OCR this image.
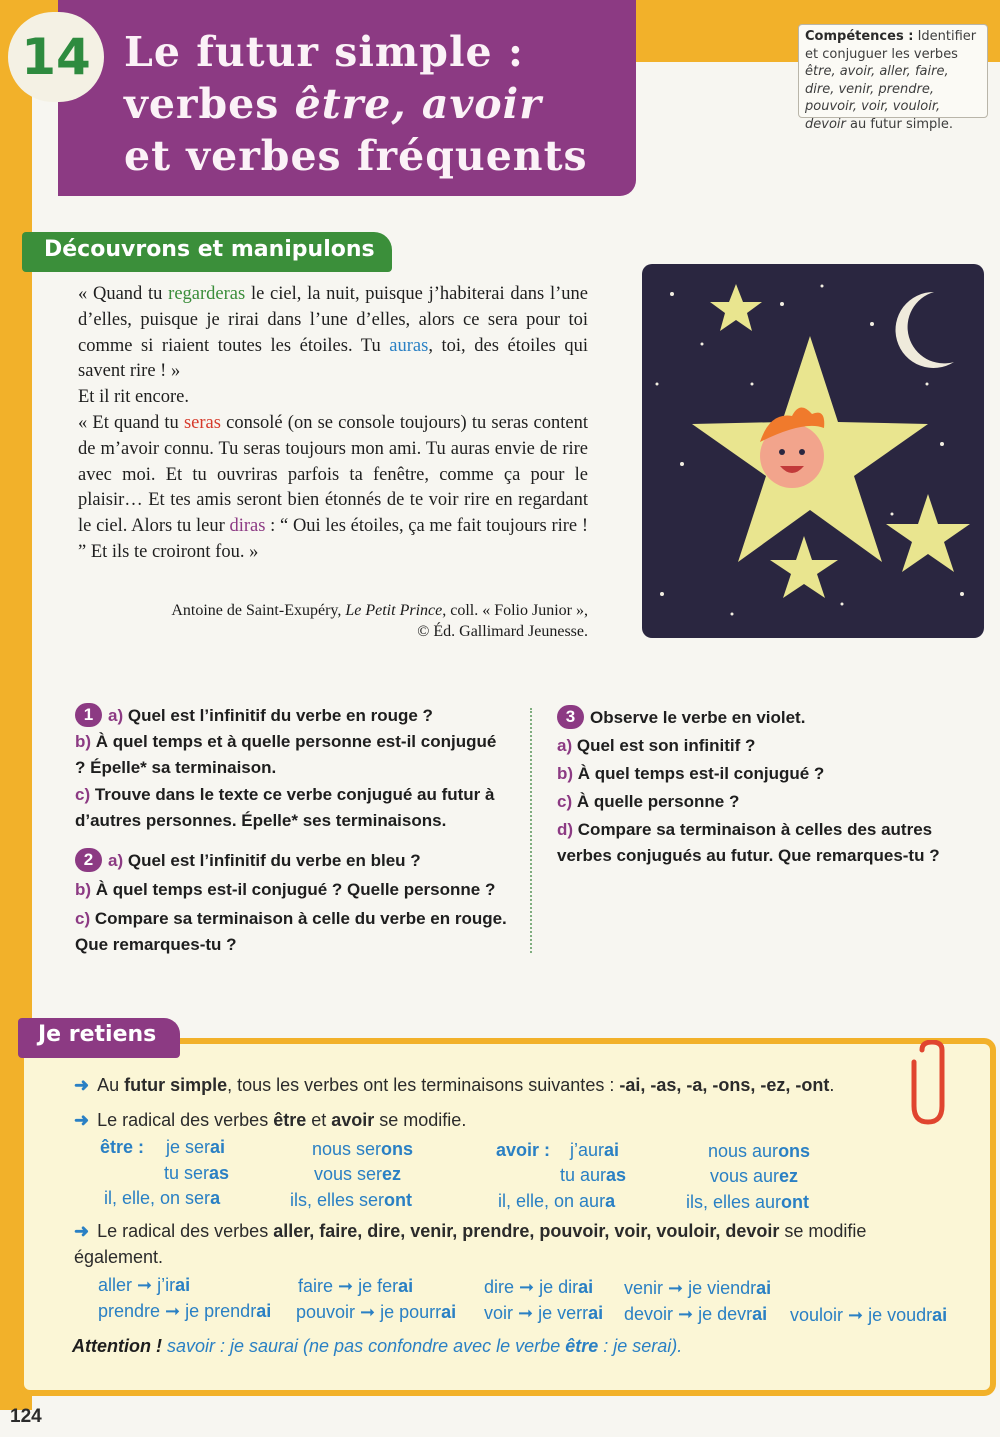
14 Le futur simple :
verbes être, avoir
et verbes fréquents
Compétences : Identifier et conjuguer les verbes être, avoir, aller, faire, dire, venir, prendre, pouvoir, voir, vouloir, devoir au futur simple.
Découvrons et manipulons

« Quand tu regarderas le ciel, la nuit, puisque j’habiterai dans l’une d’elles, puisque je rirai dans l’une d’elles, alors ce sera pour toi comme si riaient toutes les étoiles. Tu auras, toi, des étoiles qui savent rire ! »

Et il rit encore.

« Et quand tu seras consolé (on se console toujours) tu seras content de m’avoir connu. Tu seras toujours mon ami. Tu auras envie de rire avec moi. Et tu ouvriras parfois ta fenêtre, comme ça pour le plaisir… Et tes amis seront bien étonnés de te voir rire en regardant le ciel. Alors tu leur diras : “ Oui les étoiles, ça me fait toujours rire ! ” Et ils te croiront fou. »

Antoine de Saint-Exupéry, Le Petit Prince, coll. « Folio Junior »,
© Éd. Gallimard Jeunesse.
1 a) Quel est l’infinitif du verbe en rouge ?
b) À quel temps et à quelle personne est-il conjugué ? Épelle* sa terminaison.
c) Trouve dans le texte ce verbe conjugué au futur à d’autres personnes. Épelle* ses terminaisons.
2 a) Quel est l’infinitif du verbe en bleu ?
b) À quel temps est-il conjugué ? Quelle personne ?
c) Compare sa terminaison à celle du verbe en rouge. Que remarques-tu ?
3 Observe le verbe en violet.
a) Quel est son infinitif ?
b) À quel temps est-il conjugué ?
c) À quelle personne ?
d) Compare sa terminaison à celles des autres verbes conjugués au futur. Que remarques-tu ?
Je retiens
➜ Au futur simple, tous les verbes ont les terminaisons suivantes : -ai, -as, -a, -ons, -ez, -ont.
➜ Le radical des verbes être et avoir se modifie.
être : je serai
tu seras
il, elle, on sera
nous serons
vous serez
ils, elles seront
avoir : j’aurai
tu auras
il, elle, on aura
nous aurons
vous aurez
ils, elles auront
➜ Le radical des verbes aller, faire, dire, venir, prendre, pouvoir, voir, vouloir, devoir se modifie également.
aller ➞ j’irai	faire ➞ je ferai	dire ➞ je dirai venir ➞ je viendrai
prendre ➞ je prendrai pouvoir ➞ je pourrai voir ➞ je verrai devoir ➞ je devrai vouloir ➞ je voudrai
Attention ! savoir : je saurai (ne pas confondre avec le verbe être : je serai).
124
